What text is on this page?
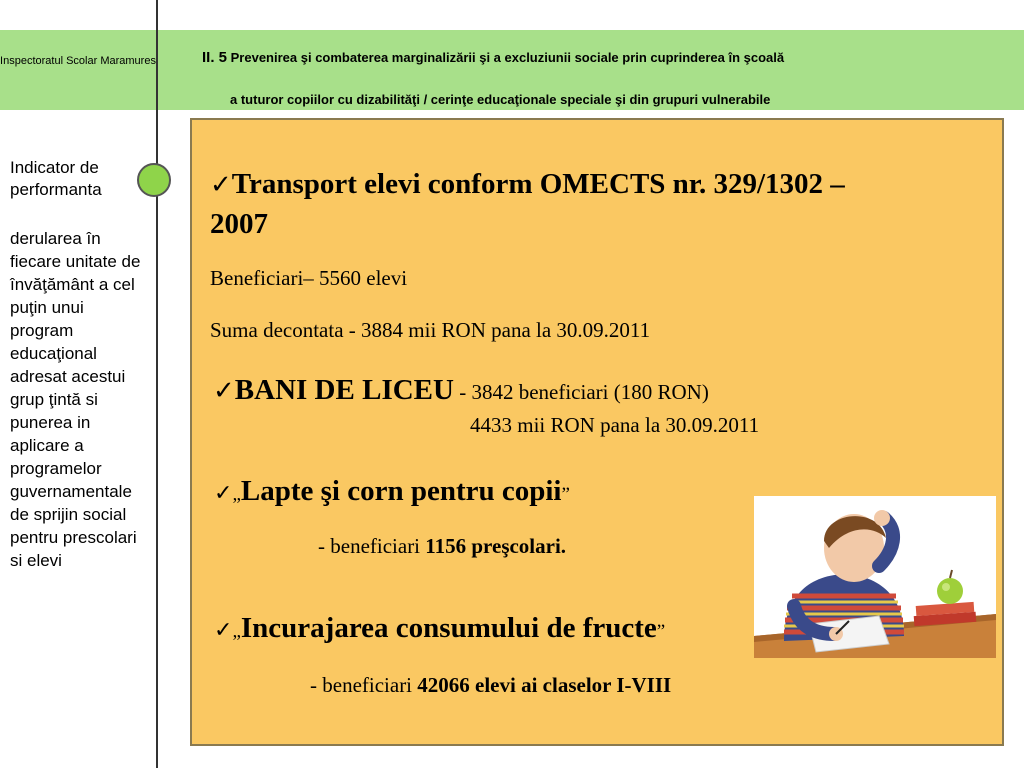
Inspectoratul Scolar Maramures	II. 5 Prevenirea şi combaterea marginalizării şi a excluziunii sociale prin cuprinderea în şcoală
a tuturor copiilor cu dizabilităţi / cerinţe educaţionale speciale şi din grupuri vulnerabile
Indicator de performanta
derularea în fiecare unitate de învăţământ a cel puţin unui program educaţional adresat acestui grup ţintă si punerea in aplicare a programelor guvernamentale de sprijin social pentru prescolari si elevi
✓Transport elevi conform OMECTS nr. 329/1302 –
2007
Beneficiari– 5560 elevi
Suma decontata - 3884 mii RON pana la 30.09.2011
✓BANI DE LICEU - 3842 beneficiari (180 RON)
4433 mii RON pana la 30.09.2011
✓„Lapte şi corn pentru copii”
- beneficiari 1156 preşcolari.
✓„Incurajarea consumului de fructe”
- beneficiari 42066 elevi ai claselor I-VIII
